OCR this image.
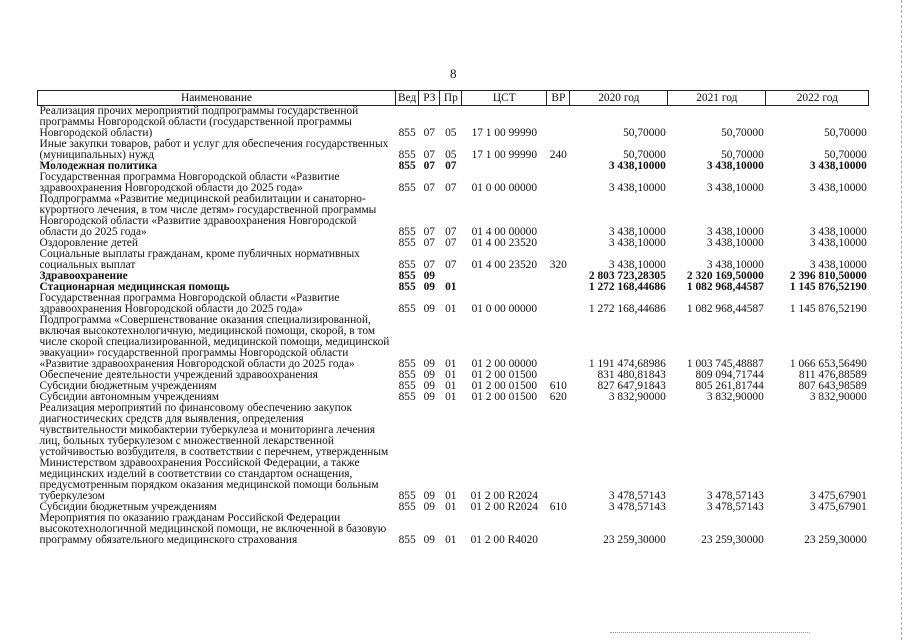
8
Наименование	Вед	РЗ	Пр	ЦСТ	ВР	2020 год	2021 год	2022 год
Реализация прочих мероприятий подпрограммы государственной программы Новгородской области (государственной программы Новгородской области)	855	07	05	17 1 00 99990		50,70000	50,70000	50,70000
Иные закупки товаров, работ и услуг для обеспечения государственных (муниципальных) нужд	855	07	05	17 1 00 99990	240	50,70000	50,70000	50,70000
Молодежная политика	855	07	07			3 438,10000	3 438,10000	3 438,10000
Государственная программа Новгородской области «Развитие здравоохранения Новгородской области до 2025 года»	855	07	07	01 0 00 00000		3 438,10000	3 438,10000	3 438,10000
Подпрограмма «Развитие медицинской реабилитации и санаторно-курортного лечения, в том числе детям» государственной программы Новгородской области «Развитие здравоохранения Новгородской области до 2025 года»	855	07	07	01 4 00 00000		3 438,10000	3 438,10000	3 438,10000
Оздоровление детей	855	07	07	01 4 00 23520		3 438,10000	3 438,10000	3 438,10000
Социальные выплаты гражданам, кроме публичных нормативных социальных выплат	855	07	07	01 4 00 23520	320	3 438,10000	3 438,10000	3 438,10000
Здравоохранение	855	09				2 803 723,28305	2 320 169,50000	2 396 810,50000
Стационарная медицинская помощь	855	09	01			1 272 168,44686	1 082 968,44587	1 145 876,52190
Государственная программа Новгородской области «Развитие здравоохранения Новгородской области до 2025 года»	855	09	01	01 0 00 00000		1 272 168,44686	1 082 968,44587	1 145 876,52190
Подпрограмма «Совершенствование оказания специализированной, включая высокотехнологичную, медицинской помощи, скорой, в том числе скорой специализированной, медицинской помощи, медицинской эвакуации» государственной программы Новгородской области «Развитие здравоохранения Новгородской области до 2025 года»	855	09	01	01 2 00 00000		1 191 474,68986	1 003 745,48887	1 066 653,56490
Обеспечение деятельности учреждений здравоохранения	855	09	01	01 2 00 01500		831 480,81843	809 094,71744	811 476,88589
Субсидии бюджетным учреждениям	855	09	01	01 2 00 01500	610	827 647,91843	805 261,81744	807 643,98589
Субсидии автономным учреждениям	855	09	01	01 2 00 01500	620	3 832,90000	3 832,90000	3 832,90000
Реализация мероприятий по финансовому обеспечению закупок диагностических средств для выявления, определения чувствительности микобактерии туберкулеза и мониторинга лечения лиц, больных туберкулезом с множественной лекарственной устойчивостью возбудителя, в соответствии с перечнем, утвержденным Министерством здравоохранения Российской Федерации, а также медицинских изделий в соответствии со стандартом оснащения, предусмотренным порядком оказания медицинской помощи больным туберкулезом	855	09	01	01 2 00 R2024		3 478,57143	3 478,57143	3 475,67901
Субсидии бюджетным учреждениям	855	09	01	01 2 00 R2024	610	3 478,57143	3 478,57143	3 475,67901
Мероприятия по оказанию гражданам Российской Федерации высокотехнологичной медицинской помощи, не включенной в базовую программу обязательного медицинского страхования	855	09	01	01 2 00 R4020		23 259,30000	23 259,30000	23 259,30000
